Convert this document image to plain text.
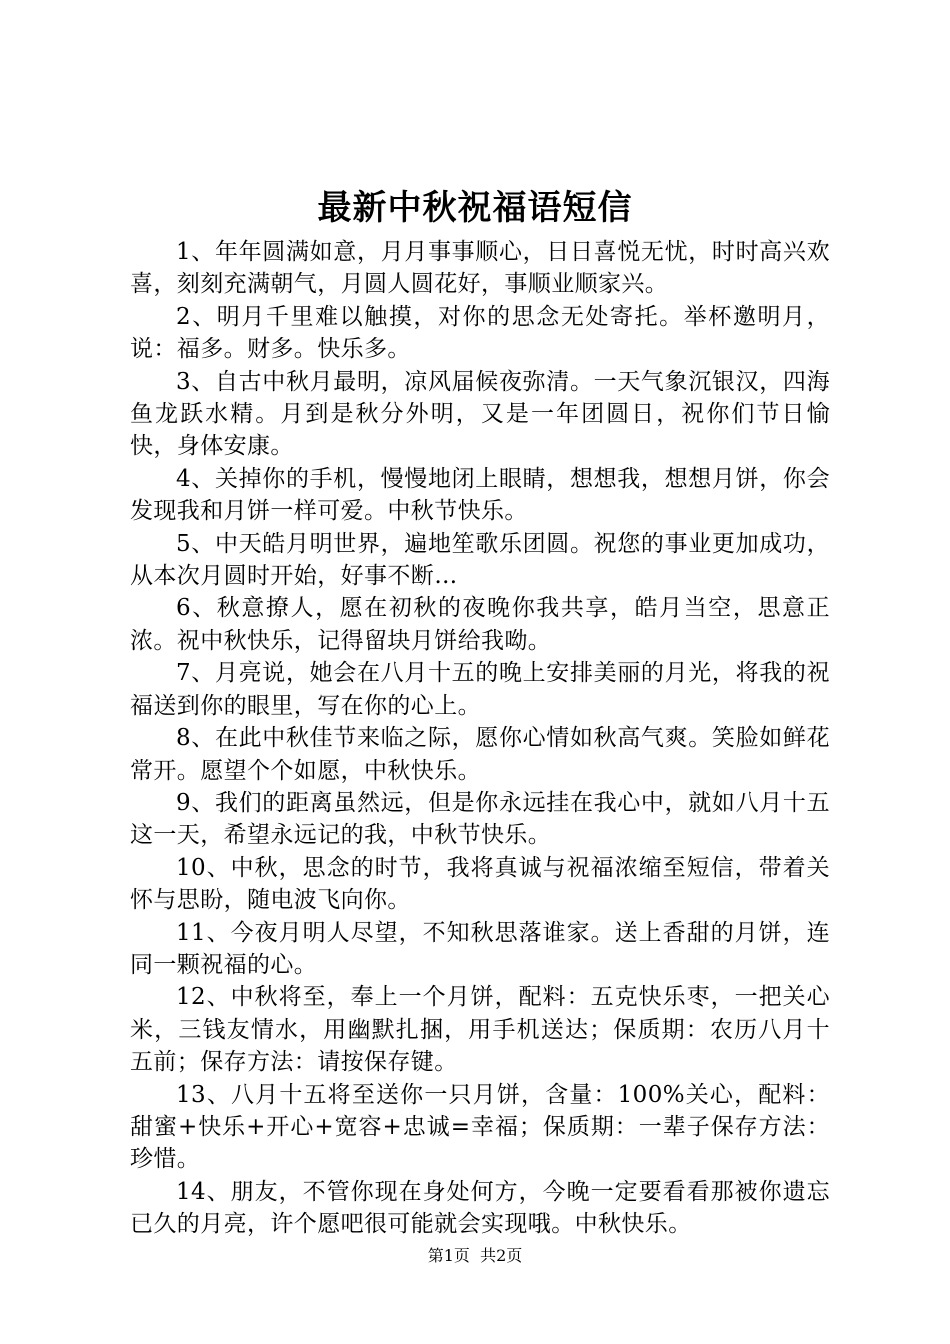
最新中秋祝福语短信

1、年年圆满如意，月月事事顺心，日日喜悦无忧，时时高兴欢喜，刻刻充满朝气，月圆人圆花好，事顺业顺家兴。

2、明月千里难以触摸，对你的思念无处寄托。举杯邀明月，说：福多。财多。快乐多。

3、自古中秋月最明，凉风届候夜弥清。一天气象沉银汉，四海鱼龙跃水精。月到是秋分外明，又是一年团圆日，祝你们节日愉快，身体安康。

4、关掉你的手机，慢慢地闭上眼睛，想想我，想想月饼，你会发现我和月饼一样可爱。中秋节快乐。

5、中天皓月明世界，遍地笙歌乐团圆。祝您的事业更加成功，从本次月圆时开始，好事不断…

6、秋意撩人，愿在初秋的夜晚你我共享，皓月当空，思意正浓。祝中秋快乐，记得留块月饼给我呦。

7、月亮说，她会在八月十五的晚上安排美丽的月光，将我的祝福送到你的眼里，写在你的心上。

8、在此中秋佳节来临之际，愿你心情如秋高气爽。笑脸如鲜花常开。愿望个个如愿，中秋快乐。

9、我们的距离虽然远，但是你永远挂在我心中，就如八月十五这一天，希望永远记的我，中秋节快乐。

10、中秋，思念的时节，我将真诚与祝福浓缩至短信，带着关怀与思盼，随电波飞向你。

11、今夜月明人尽望，不知秋思落谁家。送上香甜的月饼，连同一颗祝福的心。

12、中秋将至，奉上一个月饼，配料：五克快乐枣，一把关心米，三钱友情水，用幽默扎捆，用手机送达；保质期：农历八月十五前；保存方法：请按保存键。

13、八月十五将至送你一只月饼，含量：100%关心，配料：甜蜜+快乐+开心+宽容+忠诚=幸福；保质期：一辈子保存方法：珍惜。

14、朋友，不管你现在身处何方，今晚一定要看看那被你遗忘已久的月亮，许个愿吧很可能就会实现哦。中秋快乐。

第1页 共2页
